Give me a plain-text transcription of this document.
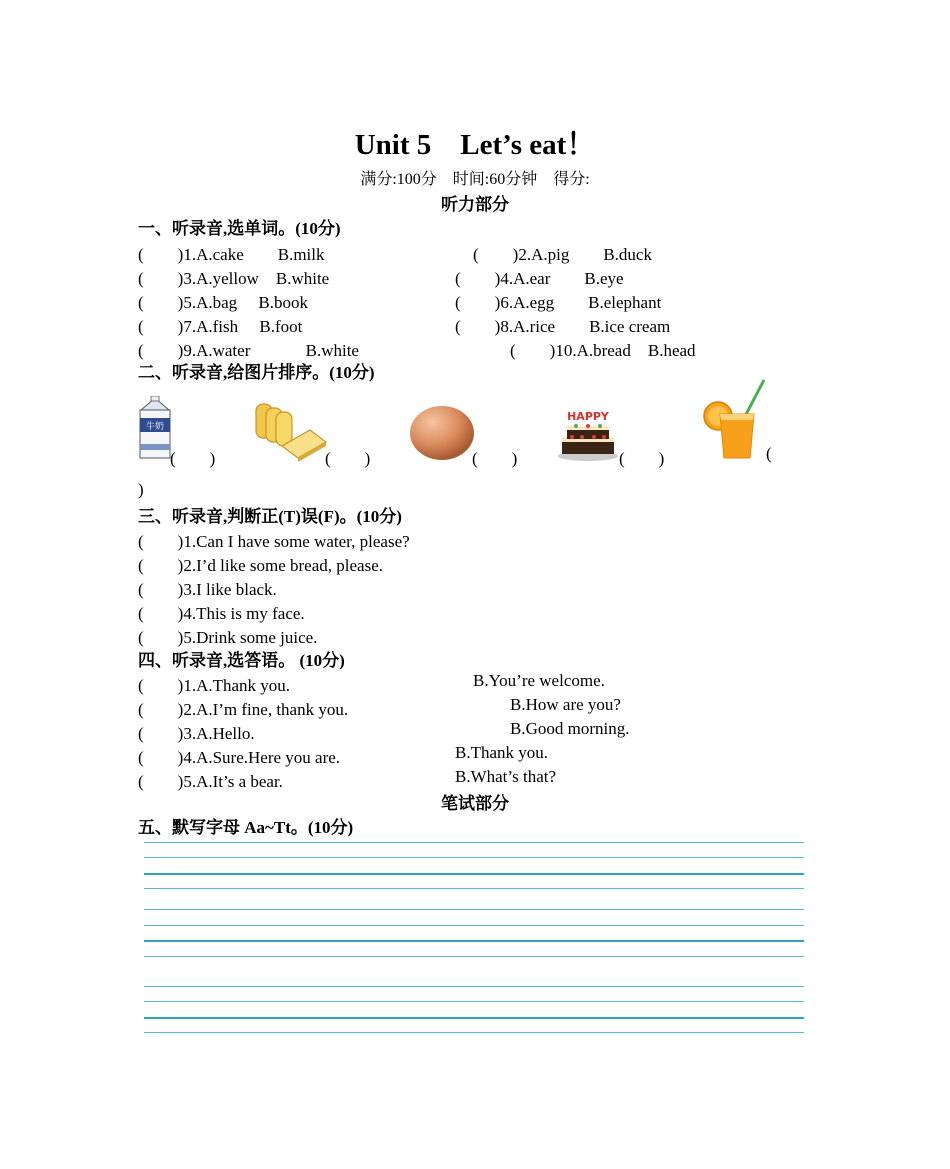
Unit 5　Let’s eat！
满分:100分　时间:60分钟　得分:
听力部分
一、听录音,选单词。(10分)
(　　)1.A.cake　　B.milk	(　　)2.A.pig　　B.duck
(　　)3.A.yellow　B.white	(　　)4.A.ear　　B.eye
(　　)5.A.bag　 B.book	(　　)6.A.egg　　B.elephant
(　　)7.A.fish　 B.foot	(　　)8.A.rice　　B.ice cream
(　　)9.A.water　　　 B.white	(　　)10.A.bread　B.head
二、听录音,给图片排序。(10分)
牛奶
(　　)	(　　)	(　　)
HAPPY
(　　)	(
)
三、听录音,判断正(T)误(F)。(10分)
(　　)1.Can I have some water, please?
(　　)2.I’d like some bread, please.
(　　)3.I like black.
(　　)4.This is my face.
(　　)5.Drink some juice.
四、听录音,选答语。 (10分)
(　　)1.A.Thank you.	B.You’re welcome.
(　　)2.A.I’m fine, thank you.	B.How are you?
(　　)3.A.Hello.	B.Good morning.
(　　)4.A.Sure.Here you are.	B.Thank you.
(　　)5.A.It’s a bear.	B.What’s that?
笔试部分
五、默写字母 Aa~Tt。(10分)
